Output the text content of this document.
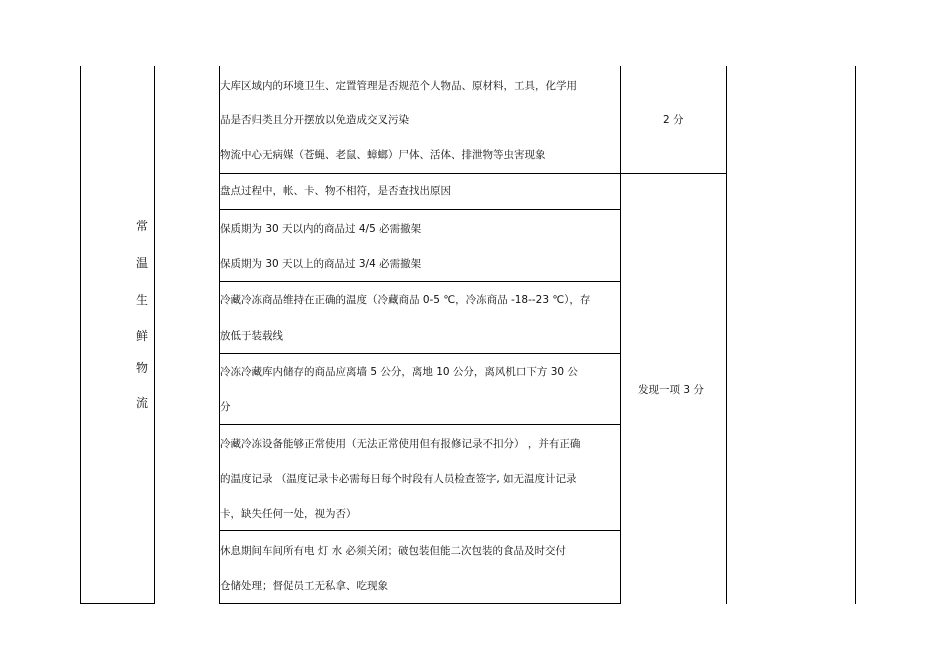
常
温
生
鲜
物
流
大库区域内的环境卫生、定置管理是否规范个人物品、原材料，工具，化学用
品是否归类且分开摆放以免造成交叉污染
物流中心无病媒（苍蝇、老鼠、蟑螂）尸体、活体、排泄物等虫害现象
盘点过程中，帐、卡、物不相符，是否查找出原因
保质期为 30 天以内的商品过 4/5 必需撤架
保质期为 30 天以上的商品过 3/4 必需撤架
冷藏冷冻商品维持在正确的温度（冷藏商品 0-5 ℃，冷冻商品 -18--23 ℃），存
放低于装载线
冷冻冷藏库内储存的商品应离墙 5 公分，离地 10 公分，离风机口下方 30 公
分
冷藏冷冻设备能够正常使用（无法正常使用但有报修记录不扣分） ，并有正确
的温度记录 （温度记录卡必需每日每个时段有人员检查签字, 如无温度计记录
卡，缺失任何一处，视为否）
休息期间车间所有电 灯 水 必须关闭；破包装但能二次包装的食品及时交付
仓储处理；督促员工无私拿、吃现象
2 分
发现一项 3 分
